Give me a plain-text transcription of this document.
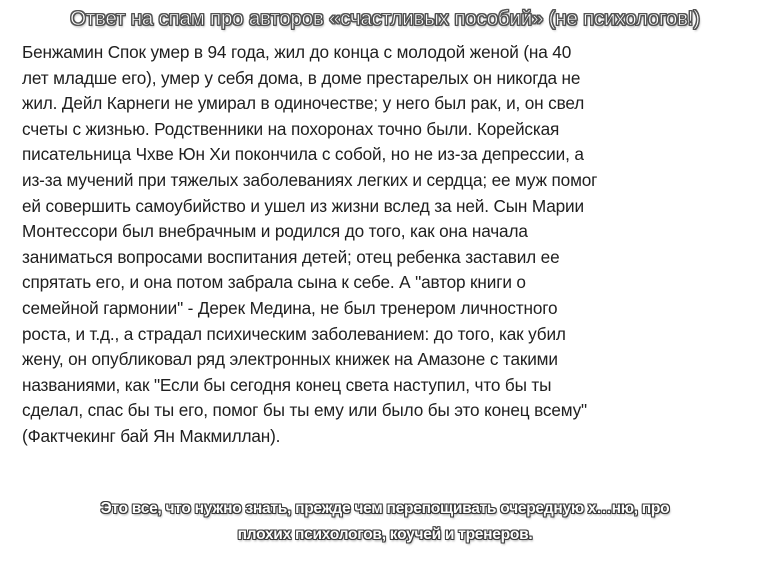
Ответ на спам про авторов «счастливых пособий» (не психологов!)
Бенжамин Спок умер в 94 года, жил до конца с молодой женой (на 40
лет младше его), умер у себя дома, в доме престарелых он никогда не
жил. Дейл Карнеги не умирал в одиночестве; у него был рак, и, он свел
счеты с жизнью. Родственники на похоронах точно были. Корейская
писательница Чхве Юн Хи покончила с собой, но не из-за депрессии, а
из-за мучений при тяжелых заболеваниях легких и сердца; ее муж помог
ей совершить самоубийство и ушел из жизни вслед за ней. Сын Марии
Монтессори был внебрачным и родился до того, как она начала
заниматься вопросами воспитания детей; отец ребенка заставил ее
спрятать его, и она потом забрала сына к себе. А "автор книги о
семейной гармонии" - Дерек Медина, не был тренером личностного
роста, и т.д., а страдал психическим заболеванием: до того, как убил
жену, он опубликовал ряд электронных книжек на Амазоне с такими
названиями, как "Если бы сегодня конец света наступил, что бы ты
сделал, спас бы ты его, помог бы ты ему или было бы это конец всему"
(Фактчекинг бай Ян Макмиллан).
Это все, что нужно знать, прежде чем перепощивать очередную х…ню, про
плохих психологов, коучей и тренеров.
